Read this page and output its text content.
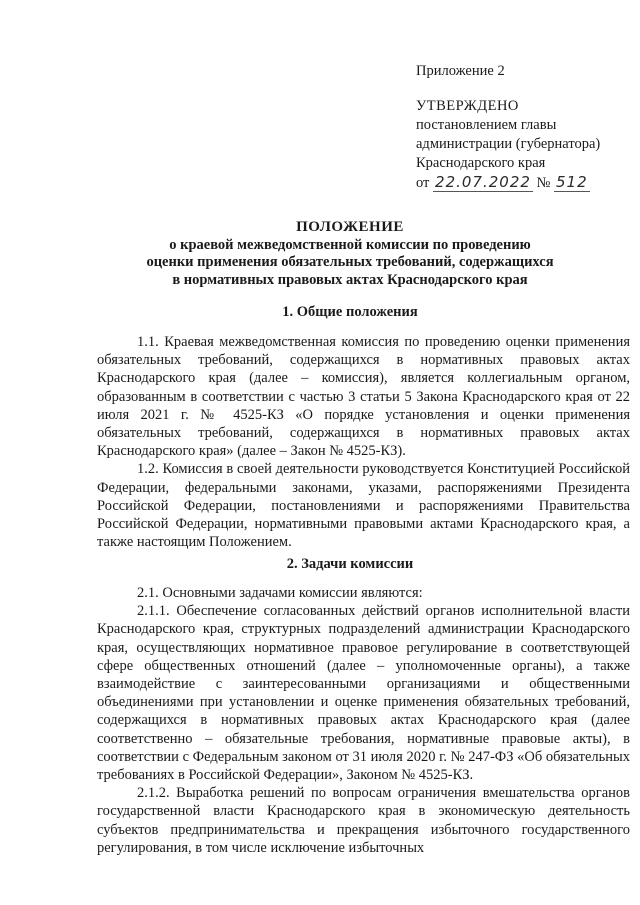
Приложение 2
УТВЕРЖДЕНО
постановлением главы
администрации (губернатора)
Краснодарского края
от 22.07.2022 № 512
ПОЛОЖЕНИЕ
о краевой межведомственной комиссии по проведению
оценки применения обязательных требований, содержащихся
в нормативных правовых актах Краснодарского края
1. Общие положения

1.1. Краевая межведомственная комиссия по проведению оценки применения обязательных требований, содержащихся в нормативных правовых актах Краснодарского края (далее – комиссия), является коллегиальным органом, образованным в соответствии с частью 3 статьи 5 Закона Краснодарского края от 22 июля 2021 г. № 4525-КЗ «О порядке установления и оценки применения обязательных требований, содержащихся в нормативных правовых актах Краснодарского края» (далее – Закон № 4525-КЗ).

1.2. Комиссия в своей деятельности руководствуется Конституцией Российской Федерации, федеральными законами, указами, распоряжениями Президента Российской Федерации, постановлениями и распоряжениями Правительства Российской Федерации, нормативными правовыми актами Краснодарского края, а также настоящим Положением.

2. Задачи комиссии

2.1. Основными задачами комиссии являются:

2.1.1. Обеспечение согласованных действий органов исполнительной власти Краснодарского края, структурных подразделений администрации Краснодарского края, осуществляющих нормативное правовое регулирование в соответствующей сфере общественных отношений (далее – уполномоченные органы), а также взаимодействие с заинтересованными организациями и общественными объединениями при установлении и оценке применения обязательных требований, содержащихся в нормативных правовых актах Краснодарского края (далее соответственно – обязательные требования, нормативные правовые акты), в соответствии с Федеральным законом от 31 июля 2020 г. № 247-ФЗ «Об обязательных требованиях в Российской Федерации», Законом № 4525-КЗ.

2.1.2. Выработка решений по вопросам ограничения вмешательства органов государственной власти Краснодарского края в экономическую деятельность субъектов предпринимательства и прекращения избыточного государственного регулирования, в том числе исключение избыточных
